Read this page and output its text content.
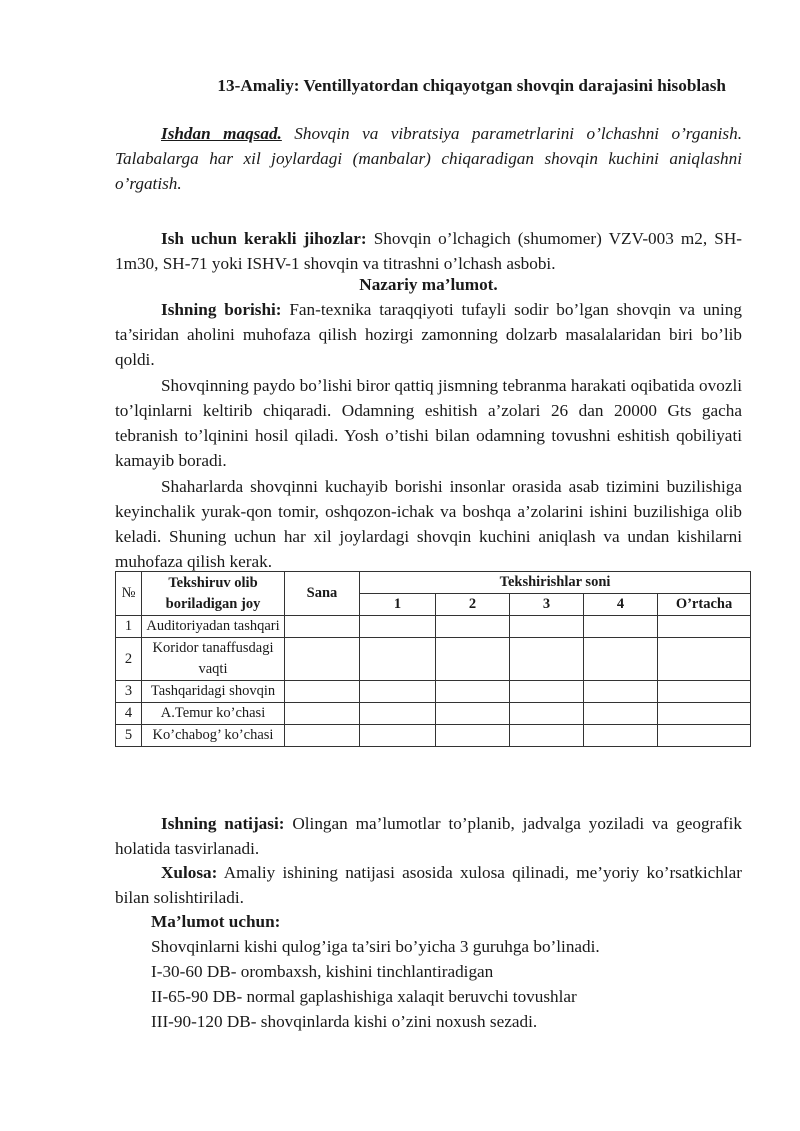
13-Amaliy: Ventillyatordan chiqayotgan shovqin darajasini hisoblash

Ishdan maqsad. Shovqin va vibratsiya parametrlarini o’lchashni o’rganish. Talabalarga har xil joylardagi (manbalar) chiqaradigan shovqin kuchini aniqlashni o’rgatish.

Ish uchun kerakli jihozlar: Shovqin o’lchagich (shumomer) VZV-003 m2, SH-1m30, SH-71 yoki ISHV-1 shovqin va titrashni o’lchash asbobi.

Nazariy ma’lumot.

Ishning borishi: Fan-texnika taraqqiyoti tufayli sodir bo’lgan shovqin va uning ta’siridan aholini muhofaza qilish hozirgi zamonning dolzarb masalalaridan biri bo’lib qoldi.

Shovqinning paydo bo’lishi biror qattiq jismning tebranma harakati oqibatida ovozli to’lqinlarni keltirib chiqaradi. Odamning eshitish a’zolari 26 dan 20000 Gts gacha tebranish to’lqinini hosil qiladi. Yosh o’tishi bilan odamning tovushni eshitish qobiliyati kamayib boradi.

Shaharlarda shovqinni kuchayib borishi insonlar orasida asab tizimini buzilishiga keyinchalik yurak-qon tomir, oshqozon-ichak va boshqa a’zolarini ishini buzilishiga olib keladi. Shuning uchun har xil joylardagi shovqin kuchini aniqlash va undan kishilarni muhofaza qilish kerak.

№	Tekshiruv olib boriladigan joy	Sana	Tekshirishlar soni				
			1	2	3	4	O’rtacha
1	Auditoriyadan tashqari						
2	Koridor tanaffusdagi vaqti						
3	Tashqaridagi shovqin						
4	A.Temur ko’chasi						
5	Ko’chabog’ ko’chasi						

Ishning natijasi: Olingan ma’lumotlar to’planib, jadvalga yoziladi va geografik holatida tasvirlanadi.

Xulosa: Amaliy ishining natijasi asosida xulosa qilinadi, me’yoriy ko’rsatkichlar bilan solishtiriladi.

Ma’lumot uchun:
Shovqinlarni kishi qulog’iga ta’siri bo’yicha 3 guruhga bo’linadi.
I-30-60 DB- orombaxsh, kishini tinchlantiradigan
II-65-90 DB- normal gaplashishiga xalaqit beruvchi tovushlar
III-90-120 DB- shovqinlarda kishi o’zini noxush sezadi.
